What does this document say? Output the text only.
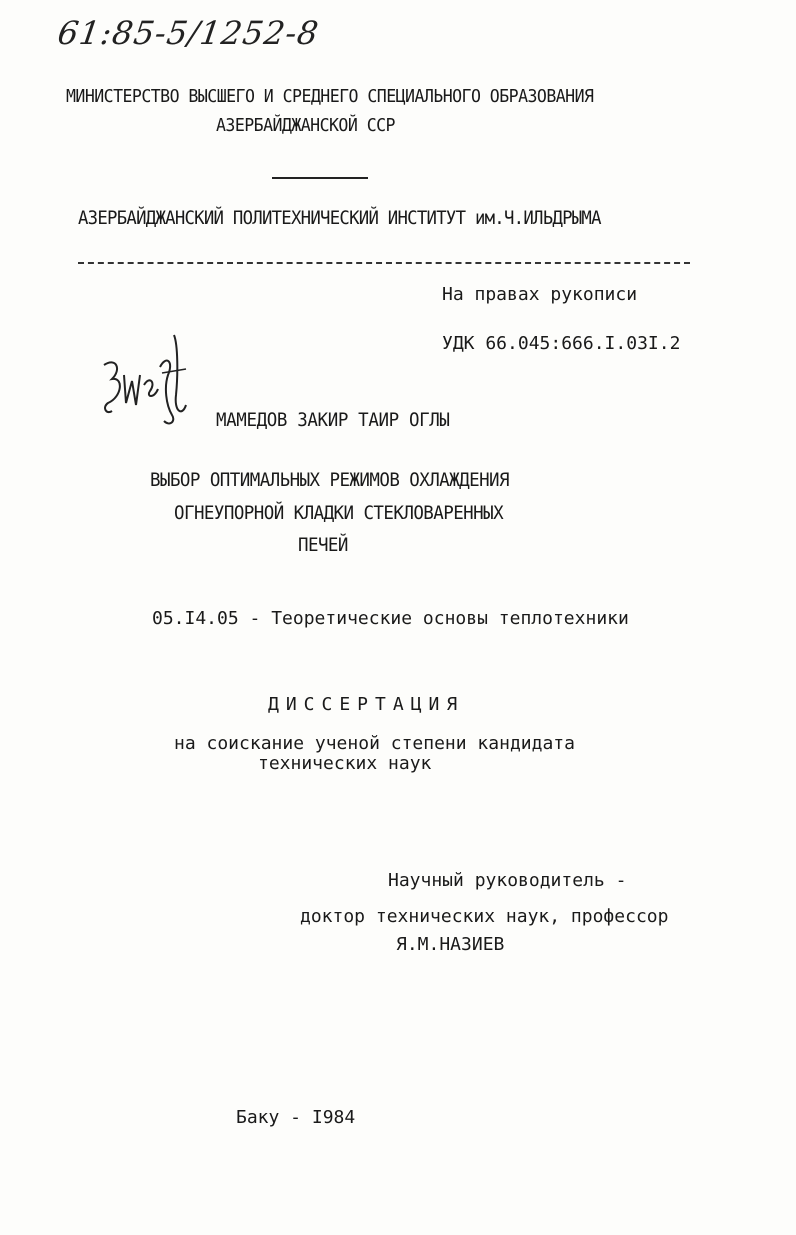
61:85-5/1252-8
МИНИСТЕРСТВО ВЫСШЕГО И СРЕДНЕГО СПЕЦИАЛЬНОГО ОБРАЗОВАНИЯ
АЗЕРБАЙДЖАНСКОЙ ССР
АЗЕРБАЙДЖАНСКИЙ ПОЛИТЕХНИЧЕСКИЙ ИНСТИТУТ им.Ч.ИЛЬДРЫМА
На правах рукописи
УДК 66.045:666.I.03I.2
МАМЕДОВ ЗАКИР ТАИР ОГЛЫ
ВЫБОР ОПТИМАЛЬНЫХ РЕЖИМОВ ОХЛАЖДЕНИЯ
ОГНЕУПОРНОЙ КЛАДКИ СТЕКЛОВАРЕННЫХ
ПЕЧЕЙ
05.I4.05 - Теоретические основы теплотехники
ДИССЕРТАЦИЯ
на соискание ученой степени кандидата
технических наук
Научный руководитель -
доктор технических наук, профессор
Я.М.НАЗИЕВ
Баку - I984
